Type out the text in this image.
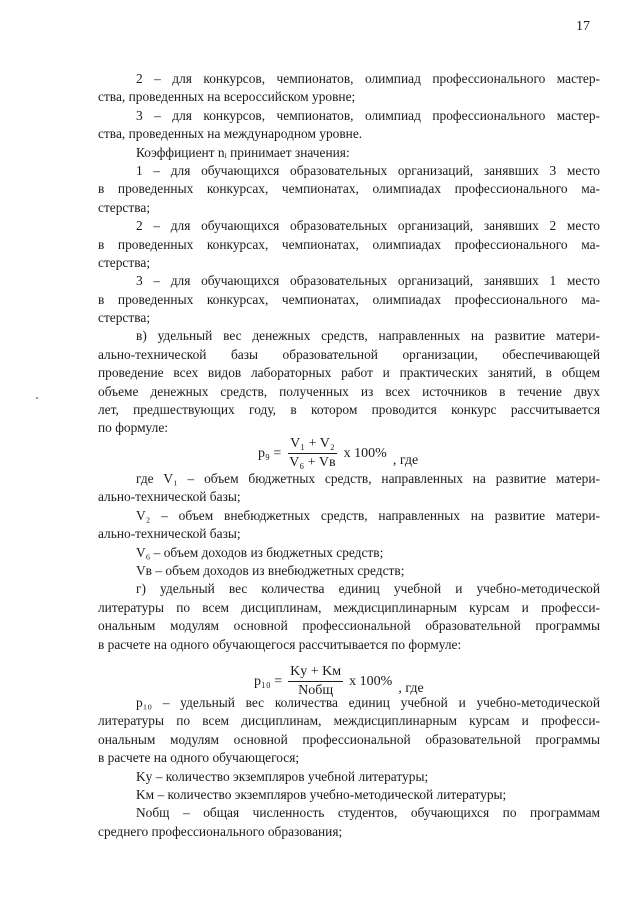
17
2 – для конкурсов, чемпионатов, олимпиад профессионального мастер-
ства, проведенных на всероссийском уровне;
3 – для конкурсов, чемпионатов, олимпиад профессионального мастер-
ства, проведенных на международном уровне.
Коэффициент nᵢ принимает значения:
1 – для обучающихся образовательных организаций, занявших 3 место
в проведенных конкурсах, чемпионатах, олимпиадах профессионального ма-
стерства;
2 – для обучающихся образовательных организаций, занявших 2 место
в проведенных конкурсах, чемпионатах, олимпиадах профессионального ма-
стерства;
3 – для обучающихся образовательных организаций, занявших 1 место
в проведенных конкурсах, чемпионатах, олимпиадах профессионального ма-
стерства;
в) удельный вес денежных средств, направленных на развитие матери-
ально-технической базы образовательной организации, обеспечивающей
проведение всех видов лабораторных работ и практических занятий, в общем
объеме денежных средств, полученных из всех источников в течение двух
лет, предшествующих году, в котором проводится конкурс рассчитывается
по формуле:
$p_9 = \frac{\text{V₁ + V₂}}{\text{V₆ + Vв}}$ x 100% , где
где V₁ – объем бюджетных средств, направленных на развитие матери-
ально-технической базы;
V₂ – объем внебюджетных средств, направленных на развитие матери-
ально-технической базы;
V₆ – объем доходов из бюджетных средств;
Vв – объем доходов из внебюджетных средств;
г) удельный вес количества единиц учебной и учебно-методической
литературы по всем дисциплинам, междисциплинарным курсам и професси-
ональным модулям основной профессиональной образовательной программы
в расчете на одного обучающегося рассчитывается по формуле:
$p_{10} = \frac{Kу + Kм}{\text{Nобщ}}$ x 100% , где
p₁₀ – удельный вес количества единиц учебной и учебно-методической
литературы по всем дисциплинам, междисциплинарным курсам и професси-
ональным модулям основной профессиональной образовательной программы
в расчете на одного обучающегося;
Kу – количество экземпляров учебной литературы;
Kм – количество экземпляров учебно-методической литературы;
Nобщ – общая численность студентов, обучающихся по программам
среднего профессионального образования;
